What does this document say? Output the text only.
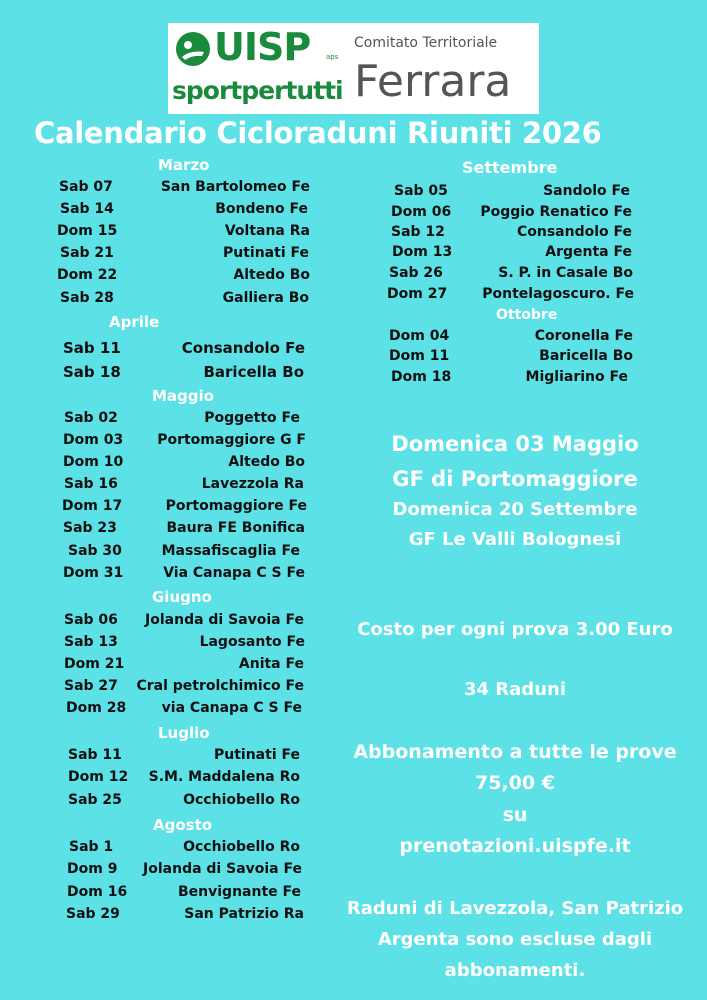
UISP aps
sportpertutti
Comitato Territoriale
Ferrara
Calendario Cicloraduni Riuniti 2026
Marzo
Sab 07	San Bartolomeo Fe
Sab 14	Bondeno Fe
Dom 15	Voltana Ra
Sab 21	Putinati Fe
Dom 22	Altedo Bo
Sab 28	Galliera Bo
Aprile
Sab 11	Consandolo Fe
Sab 18	Baricella Bo
Maggio
Sab 02	Poggetto Fe
Dom 03 Portomaggiore G F
Dom 10	Altedo Bo
Sab 16	Lavezzola Ra
Dom 17	Portomaggiore Fe
Sab 23	Baura FE Bonifica
Sab 30	Massafiscaglia Fe
Dom 31	Via Canapa C S Fe
Giugno
Sab 06 Jolanda di Savoia Fe
Sab 13	Lagosanto Fe
Dom 21	Anita Fe
Sab 27 Cral petrolchimico Fe
Dom 28	via Canapa C S Fe
Luglio
Sab 11	Putinati Fe
Dom 12 S.M. Maddalena Ro
Sab 25	Occhiobello Ro
Agosto
Sab 1	Occhiobello Ro
Dom 9 Jolanda di Savoia Fe
Dom 16	Benvignante Fe
Sab 29	San Patrizio Ra
Settembre
Sab 05	Sandolo Fe
Dom 06 Poggio Renatico Fe
Sab 12	Consandolo Fe
Dom 13	Argenta Fe
Sab 26	S. P. in Casale Bo
Dom 27	Pontelagoscuro. Fe
Ottobre
Dom 04	Coronella Fe
Dom 11	Baricella Bo
Dom 18	Migliarino Fe
Domenica 03 Maggio
GF di Portomaggiore
Domenica 20 Settembre
GF Le Valli Bolognesi
Costo per ogni prova 3.00 Euro
34 Raduni
Abbonamento a tutte le prove
75,00 €
su
prenotazioni.uispfe.it
Raduni di Lavezzola, San Patrizio
Argenta sono escluse dagli
abbonamenti.
